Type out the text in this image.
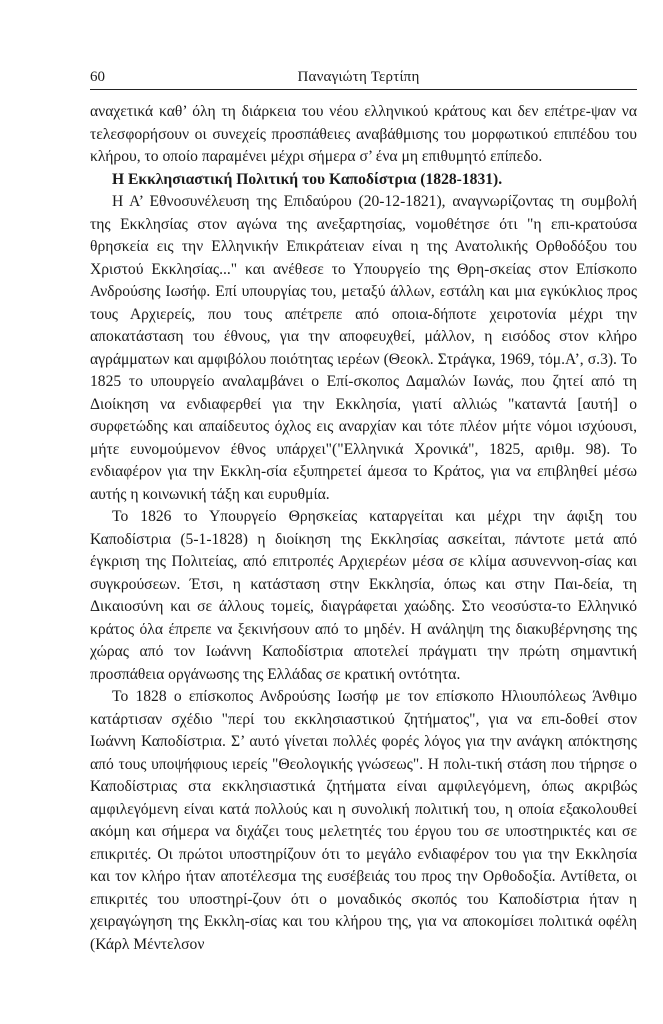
60	Παναγιώτη Τερτίπη

αναχετικά καθ’ όλη τη διάρκεια του νέου ελληνικού κράτους και δεν επέτρε-ψαν να τελεσφορήσουν οι συνεχείς προσπάθειες αναβάθμισης του μορφωτικού επιπέδου του κλήρου, το οποίο παραμένει μέχρι σήμερα σ’ ένα μη επιθυμητό επίπεδο.

Η Εκκλησιαστική Πολιτική του Καποδίστρια (1828-1831).

Η Α’ Εθνοσυνέλευση της Επιδαύρου (20-12-1821), αναγνωρίζοντας τη συμβολή της Εκκλησίας στον αγώνα της ανεξαρτησίας, νομοθέτησε ότι "η επι-κρατούσα θρησκεία εις την Ελληνικήν Επικράτειαν είναι η της Ανατολικής Ορθοδόξου του Χριστού Εκκλησίας..." και ανέθεσε το Υπουργείο της Θρη-σκείας στον Επίσκοπο Ανδρούσης Ιωσήφ. Επί υπουργίας του, μεταξύ άλλων, εστάλη και μια εγκύκλιος προς τους Αρχιερείς, που τους απέτρεπε από οποια-δήποτε χειροτονία μέχρι την αποκατάσταση του έθνους, για την αποφευχθεί, μάλλον, η εισόδος στον κλήρο αγράμματων και αμφιβόλου ποιότητας ιερέων (Θεοκλ. Στράγκα, 1969, τόμ.Α’, σ.3). Το 1825 το υπουργείο αναλαμβάνει ο Επί-σκοπος Δαμαλών Ιωνάς, που ζητεί από τη Διοίκηση να ενδιαφερθεί για την Εκκλησία, γιατί αλλιώς "καταντά [αυτή] ο συρφετώδης και απαίδευτος όχλος εις αναρχίαν και τότε πλέον μήτε νόμοι ισχύουσι, μήτε ευνομούμενον έθνος υπάρχει"("Ελληνικά Χρονικά", 1825, αριθμ. 98). Το ενδιαφέρον για την Εκκλη-σία εξυπηρετεί άμεσα το Κράτος, για να επιβληθεί μέσω αυτής η κοινωνική τάξη και ευρυθμία.

Το 1826 το Υπουργείο Θρησκείας καταργείται και μέχρι την άφιξη του Καποδίστρια (5-1-1828) η διοίκηση της Εκκλησίας ασκείται, πάντοτε μετά από έγκριση της Πολιτείας, από επιτροπές Αρχιερέων μέσα σε κλίμα ασυνεννοη-σίας και συγκρούσεων. Έτσι, η κατάσταση στην Εκκλησία, όπως και στην Παι-δεία, τη Δικαιοσύνη και σε άλλους τομείς, διαγράφεται χαώδης. Στο νεοσύστα-το Ελληνικό κράτος όλα έπρεπε να ξεκινήσουν από το μηδέν. Η ανάληψη της διακυβέρνησης της χώρας από τον Ιωάννη Καποδίστρια αποτελεί πράγματι την πρώτη σημαντική προσπάθεια οργάνωσης της Ελλάδας σε κρατική οντότητα.

Το 1828 ο επίσκοπος Ανδρούσης Ιωσήφ με τον επίσκοπο Ηλιουπόλεως Άνθιμο κατάρτισαν σχέδιο "περί του εκκλησιαστικού ζητήματος", για να επι-δοθεί στον Ιωάννη Καποδίστρια. Σ’ αυτό γίνεται πολλές φορές λόγος για την ανάγκη απόκτησης από τους υποψήφιους ιερείς "Θεολογικής γνώσεως". Η πολι-τική στάση που τήρησε ο Καποδίστριας στα εκκλησιαστικά ζητήματα είναι αμφιλεγόμενη, όπως ακριβώς αμφιλεγόμενη είναι κατά πολλούς και η συνολική πολιτική του, η οποία εξακολουθεί ακόμη και σήμερα να διχάζει τους μελετητές του έργου του σε υποστηρικτές και σε επικριτές. Οι πρώτοι υποστηρίζουν ότι το μεγάλο ενδιαφέρον του για την Εκκλησία και τον κλήρο ήταν αποτέλεσμα της ευσέβειάς του προς την Ορθοδοξία. Αντίθετα, οι επικριτές του υποστηρί-ζουν ότι ο μοναδικός σκοπός του Καποδίστρια ήταν η χειραγώγηση της Εκκλη-σίας και του κλήρου της, για να αποκομίσει πολιτικά οφέλη (Κάρλ Μέντελσον
